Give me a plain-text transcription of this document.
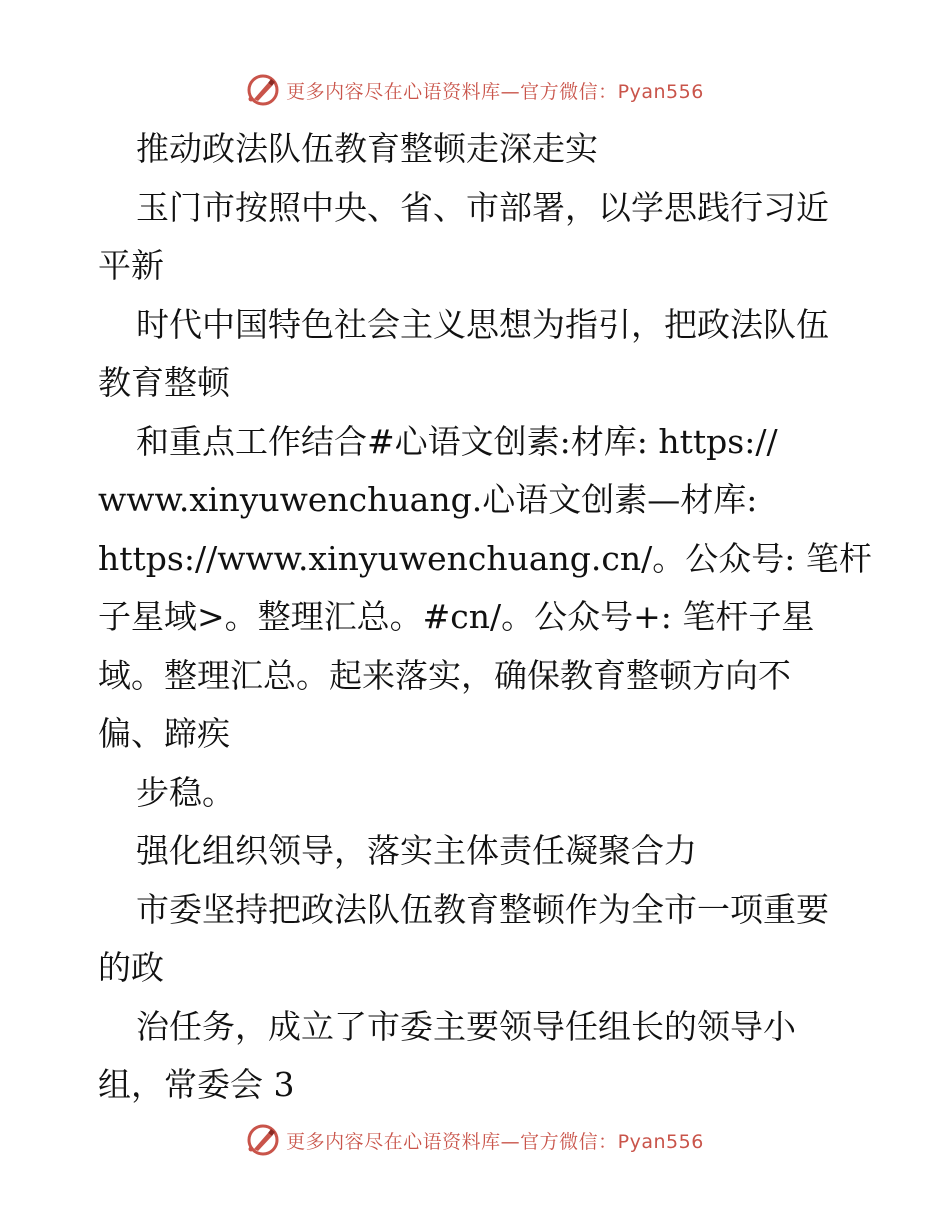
更多内容尽在心语资料库—官方微信：Pyan556
推动政法队伍教育整顿走深走实
玉门市按照中央、省、市部署，以学思践行习近
平新
时代中国特色社会主义思想为指引，把政法队伍
教育整顿
和重点工作结合#心语文创素:材库: https://
www.xinyuwenchuang.心语文创素—材库:
https://www.xinyuwenchuang.cn/。公众号: 笔杆
子星域>。整理汇总。#cn/。公众号+: 笔杆子星
域。整理汇总。起来落实，确保教育整顿方向不
偏、蹄疾
步稳。
强化组织领导，落实主体责任凝聚合力
市委坚持把政法队伍教育整顿作为全市一项重要
的政
治任务，成立了市委主要领导任组长的领导小
组，常委会 3
更多内容尽在心语资料库—官方微信：Pyan556
